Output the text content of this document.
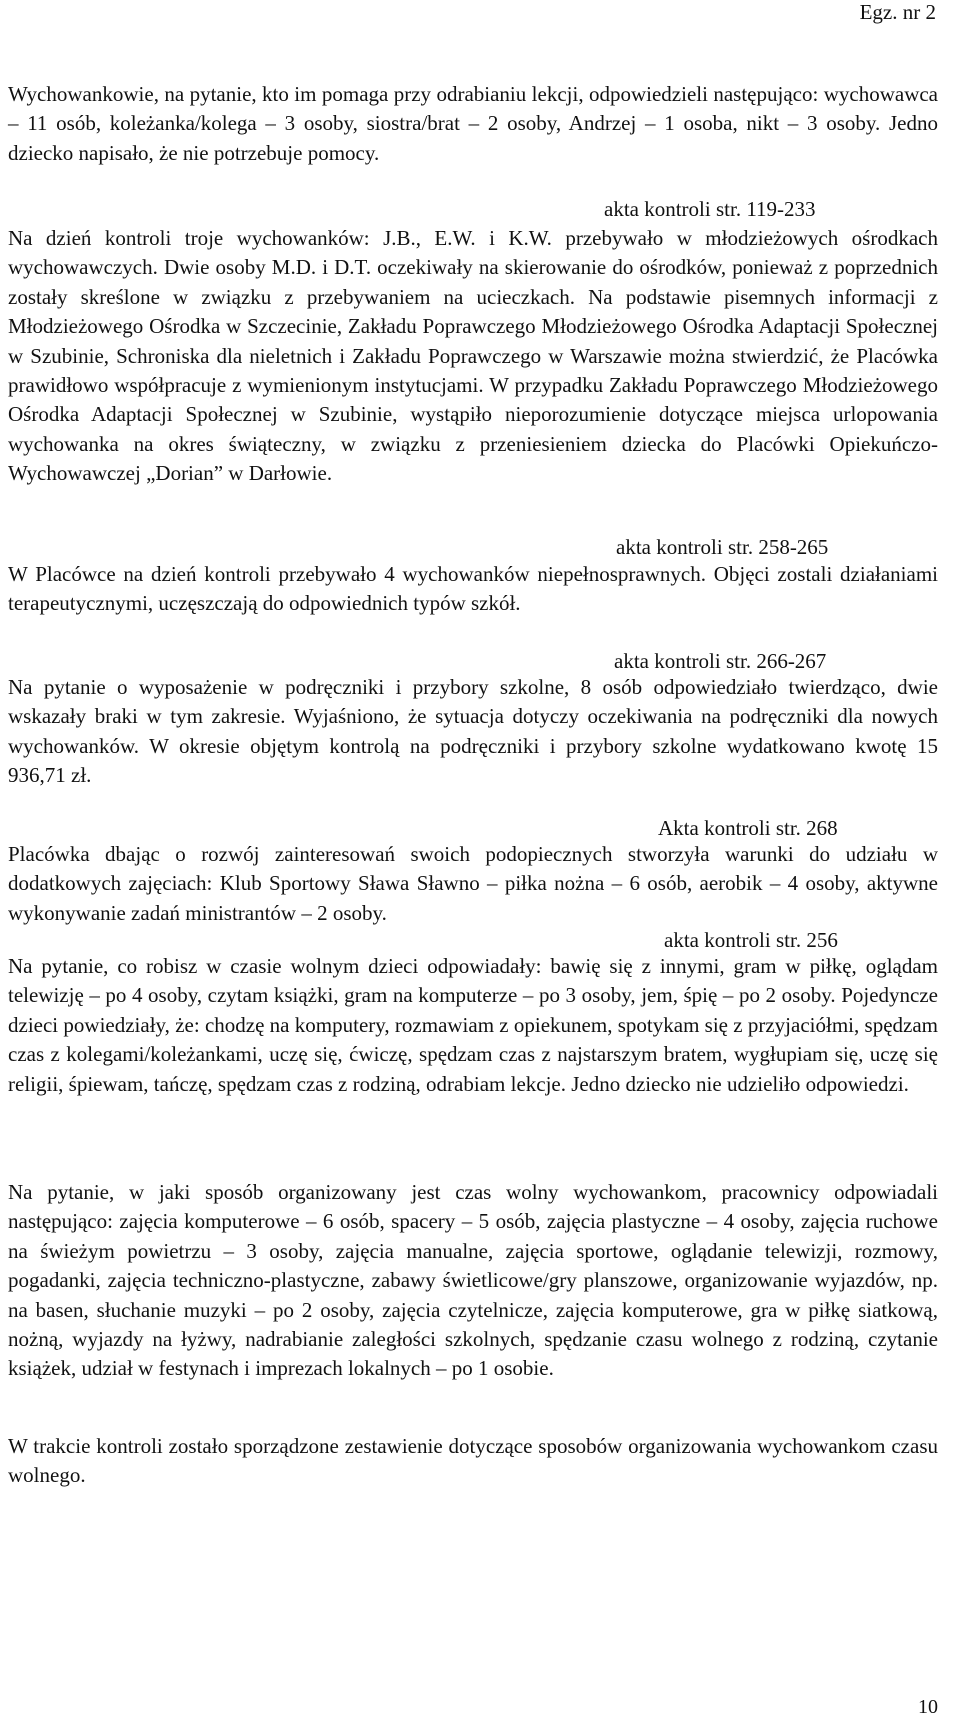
Egz. nr 2

Wychowankowie, na pytanie, kto im pomaga przy odrabianiu lekcji, odpowiedzieli następująco: wychowawca – 11 osób, koleżanka/kolega – 3 osoby, siostra/brat – 2 osoby, Andrzej – 1 osoba, nikt – 3 osoby. Jedno dziecko napisało, że nie potrzebuje pomocy.

akta kontroli str. 119-233

Na dzień kontroli troje wychowanków: J.B., E.W. i K.W. przebywało w młodzieżowych ośrodkach wychowawczych. Dwie osoby M.D. i D.T. oczekiwały na skierowanie do ośrodków, ponieważ z poprzednich zostały skreślone w związku z przebywaniem na ucieczkach. Na podstawie pisemnych informacji z Młodzieżowego Ośrodka w Szczecinie, Zakładu Poprawczego Młodzieżowego Ośrodka Adaptacji Społecznej w Szubinie, Schroniska dla nieletnich i Zakładu Poprawczego w Warszawie można stwierdzić, że Placówka prawidłowo współpracuje z wymienionym instytucjami. W przypadku Zakładu Poprawczego Młodzieżowego Ośrodka Adaptacji Społecznej w Szubinie, wystąpiło nieporozumienie dotyczące miejsca urlopowania wychowanka na okres świąteczny, w związku z przeniesieniem dziecka do Placówki Opiekuńczo-Wychowawczej „Dorian” w Darłowie.

akta kontroli str. 258-265

W Placówce na dzień kontroli przebywało 4 wychowanków niepełnosprawnych. Objęci zostali działaniami terapeutycznymi, uczęszczają do odpowiednich typów szkół.

akta kontroli str. 266-267

Na pytanie o wyposażenie w podręczniki i przybory szkolne, 8 osób odpowiedziało twierdząco, dwie wskazały braki w tym zakresie. Wyjaśniono, że sytuacja dotyczy oczekiwania na podręczniki dla nowych wychowanków. W okresie objętym kontrolą na podręczniki i przybory szkolne wydatkowano kwotę 15 936,71 zł.

Akta kontroli str. 268

Placówka dbając o rozwój zainteresowań swoich podopiecznych stworzyła warunki do udziału w dodatkowych zajęciach: Klub Sportowy Sława Sławno – piłka nożna – 6 osób, aerobik – 4 osoby, aktywne wykonywanie zadań ministrantów – 2 osoby.

akta kontroli str. 256

Na pytanie, co robisz w czasie wolnym dzieci odpowiadały: bawię się z innymi, gram w piłkę, oglądam telewizję – po 4 osoby, czytam książki, gram na komputerze – po 3 osoby, jem, śpię – po 2 osoby. Pojedyncze dzieci powiedziały, że: chodzę na komputery, rozmawiam z opiekunem, spotykam się z przyjaciółmi, spędzam czas z kolegami/koleżankami, uczę się, ćwiczę, spędzam czas z najstarszym bratem, wygłupiam się, uczę się religii, śpiewam, tańczę, spędzam czas z rodziną, odrabiam lekcje. Jedno dziecko nie udzieliło odpowiedzi.

Na pytanie, w jaki sposób organizowany jest czas wolny wychowankom, pracownicy odpowiadali następująco: zajęcia komputerowe – 6 osób, spacery – 5 osób, zajęcia plastyczne – 4 osoby, zajęcia ruchowe na świeżym powietrzu – 3 osoby, zajęcia manualne, zajęcia sportowe, oglądanie telewizji, rozmowy, pogadanki, zajęcia techniczno-plastyczne, zabawy świetlicowe/gry planszowe, organizowanie wyjazdów, np. na basen, słuchanie muzyki – po 2 osoby, zajęcia czytelnicze, zajęcia komputerowe, gra w piłkę siatkową, nożną, wyjazdy na łyżwy, nadrabianie zaległości szkolnych, spędzanie czasu wolnego z rodziną, czytanie książek, udział w festynach i imprezach lokalnych – po 1 osobie.

W trakcie kontroli zostało sporządzone zestawienie dotyczące sposobów organizowania wychowankom czasu wolnego.

10
